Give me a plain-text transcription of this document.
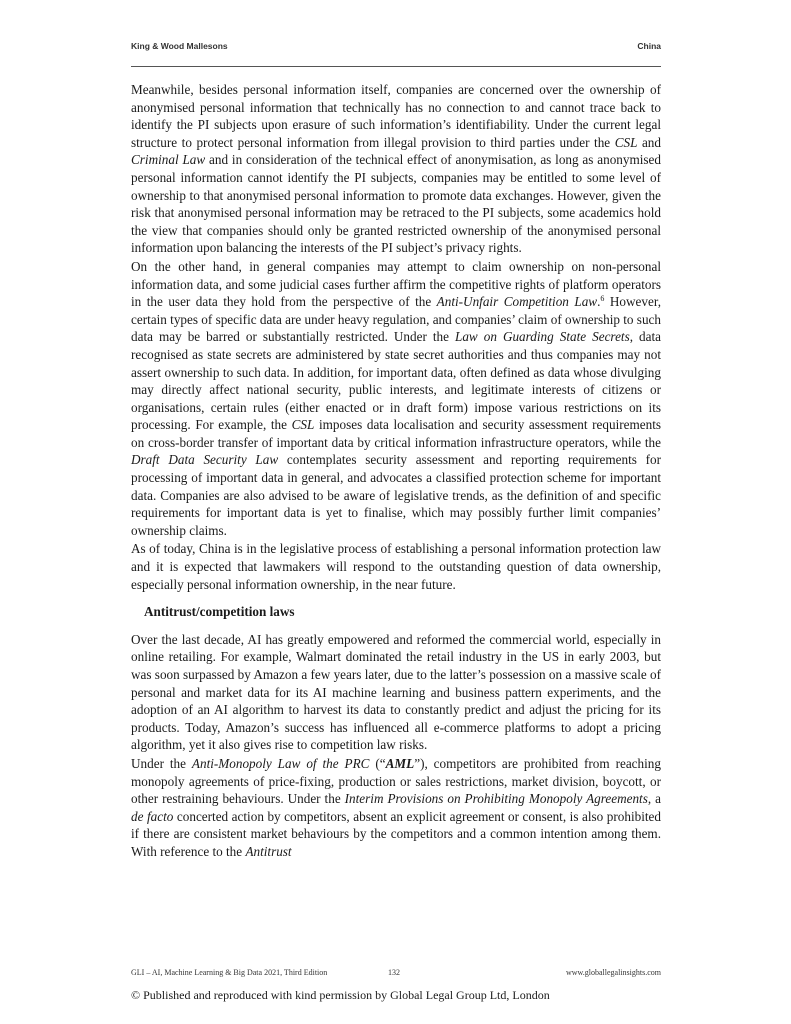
King & Wood Mallesons	China

Meanwhile, besides personal information itself, companies are concerned over the ownership of anonymised personal information that technically has no connection to and cannot trace back to identify the PI subjects upon erasure of such information’s identifiability. Under the current legal structure to protect personal information from illegal provision to third parties under the CSL and Criminal Law and in consideration of the technical effect of anonymisation, as long as anonymised personal information cannot identify the PI subjects, companies may be entitled to some level of ownership to that anonymised personal information to promote data exchanges. However, given the risk that anonymised personal information may be retraced to the PI subjects, some academics hold the view that companies should only be granted restricted ownership of the anonymised personal information upon balancing the interests of the PI subject’s privacy rights.

On the other hand, in general companies may attempt to claim ownership on non-personal information data, and some judicial cases further affirm the competitive rights of platform operators in the user data they hold from the perspective of the Anti-Unfair Competition Law.$^6$ However, certain types of specific data are under heavy regulation, and companies’ claim of ownership to such data may be barred or substantially restricted. Under the Law on Guarding State Secrets, data recognised as state secrets are administered by state secret authorities and thus companies may not assert ownership to such data. In addition, for important data, often defined as data whose divulging may directly affect national security, public interests, and legitimate interests of citizens or organisations, certain rules (either enacted or in draft form) impose various restrictions on its processing. For example, the CSL imposes data localisation and security assessment requirements on cross-border transfer of important data by critical information infrastructure operators, while the Draft Data Security Law contemplates security assessment and reporting requirements for processing of important data in general, and advocates a classified protection scheme for important data. Companies are also advised to be aware of legislative trends, as the definition of and specific requirements for important data is yet to finalise, which may possibly further limit companies’ ownership claims.

As of today, China is in the legislative process of establishing a personal information protection law and it is expected that lawmakers will respond to the outstanding question of data ownership, especially personal information ownership, in the near future.

Antitrust/competition laws

Over the last decade, AI has greatly empowered and reformed the commercial world, especially in online retailing. For example, Walmart dominated the retail industry in the US in early 2003, but was soon surpassed by Amazon a few years later, due to the latter’s possession on a massive scale of personal and market data for its AI machine learning and business pattern experiments, and the adoption of an AI algorithm to harvest its data to constantly predict and adjust the pricing for its products. Today, Amazon’s success has influenced all e-commerce platforms to adopt a pricing algorithm, yet it also gives rise to competition law risks.

Under the Anti-Monopoly Law of the PRC (“AML”), competitors are prohibited from reaching monopoly agreements of price-fixing, production or sales restrictions, market division, boycott, or other restraining behaviours. Under the Interim Provisions on Prohibiting Monopoly Agreements, a de facto concerted action by competitors, absent an explicit agreement or consent, is also prohibited if there are consistent market behaviours by the competitors and a common intention among them. With reference to the Antitrust

GLI – AI, Machine Learning & Big Data 2021, Third Edition	132	www.globallegalinsights.com
© Published and reproduced with kind permission by Global Legal Group Ltd, London
